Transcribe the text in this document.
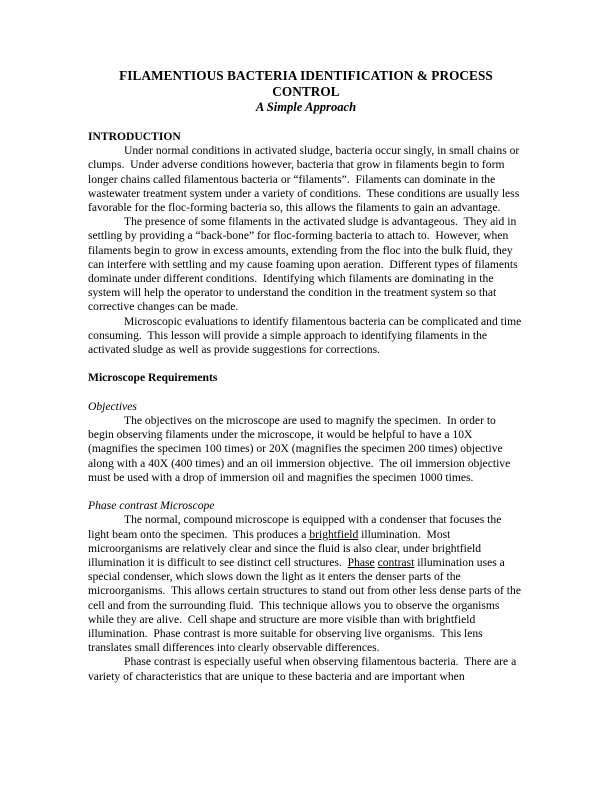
FILAMENTIOUS BACTERIA IDENTIFICATION & PROCESS
CONTROL
A Simple Approach
INTRODUCTION

Under normal conditions in activated sludge, bacteria occur singly, in small chains or clumps.  Under adverse conditions however, bacteria that grow in filaments begin to form longer chains called filamentous bacteria or “filaments”.  Filaments can dominate in the wastewater treatment system under a variety of conditions.  These conditions are usually less favorable for the floc-forming bacteria so, this allows the filaments to gain an advantage.

The presence of some filaments in the activated sludge is advantageous.  They aid in settling by providing a “back-bone” for floc-forming bacteria to attach to.  However, when filaments begin to grow in excess amounts, extending from the floc into the bulk fluid, they can interfere with settling and my cause foaming upon aeration.  Different types of filaments dominate under different conditions.  Identifying which filaments are dominating in the system will help the operator to understand the condition in the treatment system so that corrective changes can be made.

Microscopic evaluations to identify filamentous bacteria can be complicated and time consuming.  This lesson will provide a simple approach to identifying filaments in the activated sludge as well as provide suggestions for corrections.

Microscope Requirements
Objectives

The objectives on the microscope are used to magnify the specimen.  In order to begin observing filaments under the microscope, it would be helpful to have a 10X (magnifies the specimen 100 times) or 20X (magnifies the specimen 200 times) objective along with a 40X (400 times) and an oil immersion objective.  The oil immersion objective must be used with a drop of immersion oil and magnifies the specimen 1000 times.

Phase contrast Microscope

The normal, compound microscope is equipped with a condenser that focuses the light beam onto the specimen.  This produces a brightfield illumination.  Most microorganisms are relatively clear and since the fluid is also clear, under brightfield illumination it is difficult to see distinct cell structures.  Phase contrast illumination uses a special condenser, which slows down the light as it enters the denser parts of the microorganisms.  This allows certain structures to stand out from other less dense parts of the cell and from the surrounding fluid.  This technique allows you to observe the organisms while they are alive.  Cell shape and structure are more visible than with brightfield illumination.  Phase contrast is more suitable for observing live organisms.  This lens translates small differences into clearly observable differences.

Phase contrast is especially useful when observing filamentous bacteria.  There are a variety of characteristics that are unique to these bacteria and are important when
